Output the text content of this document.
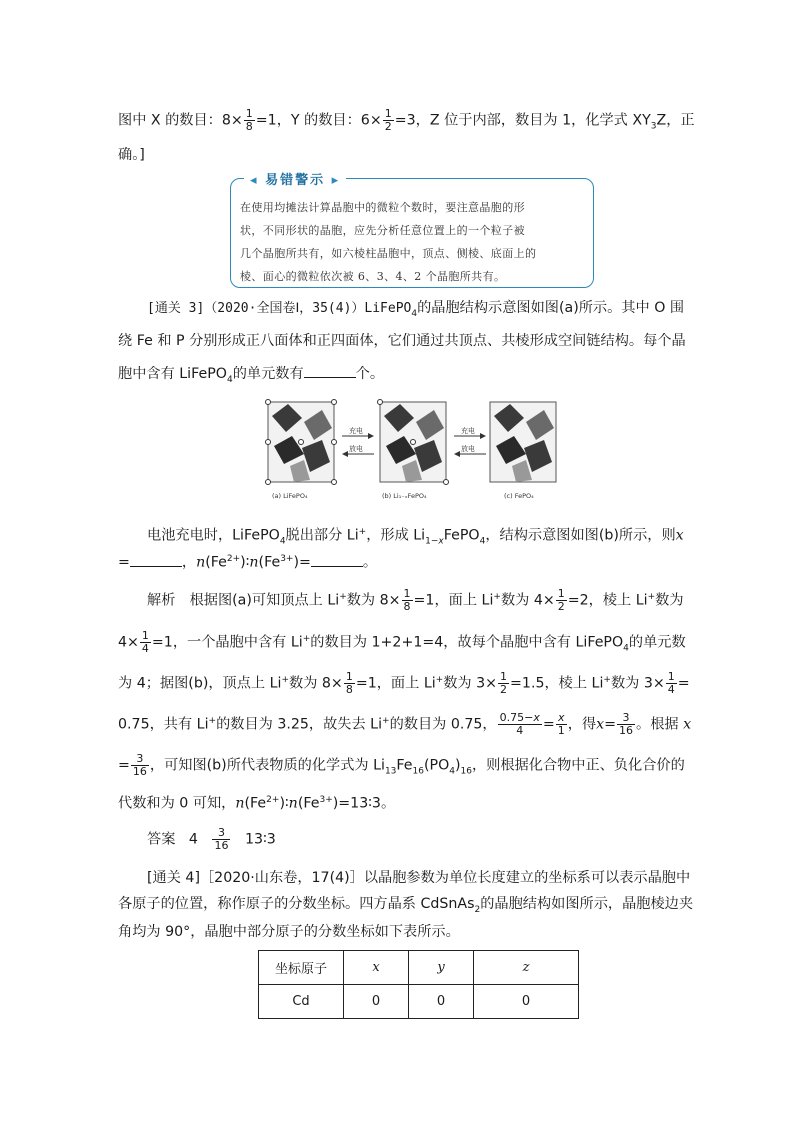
图中 X 的数目：$8\times \frac{1}{8} =1$，Y 的数目：$6\times \frac{1}{2} =3$，Z 位于内部，数目为 1，化学式 $XY_3Z$，正
确。]
◂ 易错警示 ▸
在使用均摊法计算晶胞中的微粒个数时，要注意晶胞的形
状，不同形状的晶胞，应先分析任意位置上的一个粒子被
几个晶胞所共有，如六棱柱晶胞中，顶点、侧棱、底面上的
棱、面心的微粒依次被 6、3、4、2 个晶胞所共有。
[通关 3]（2020·全国卷Ⅰ，35(4)）LiFePO$_4$的晶胞结构示意图如图(a)所示。其中 O 围
绕 Fe 和 P 分别形成正八面体和正四面体，它们通过共顶点、共棱形成空间链结构。每个晶
胞中含有 LiFePO$_4$的单元数有	个。
充电
放电
充电
放电
(a) LiFePO₄	(b) Li₁₋ₓFePO₄	(c) FePO₄
电池充电时，LiFePO$_4$脱出部分 Li+，形成 $Li_{1-x}FePO_4$，结构示意图如图(b)所示，则x
=	，$n(Fe^{2+})∶n(Fe^{3+})=$	。
解析　根据图(a)可知顶点上 Li+数为 $8\times \frac{1}{8} =1$，面上 Li+数为 $4\times \frac{1}{2} =2$，棱上 Li+数为
$4\times \frac{1}{4} =1$，一个晶胞中含有 Li+的数目为 1+2+1=4，故每个晶胞中含有 LiFePO$_4$的单元数
为 4；据图(b)，顶点上 Li+数为 $8\times \frac{1}{8} =1$，面上 Li+数为 $3\times \frac{1}{2} =1.5$，棱上 Li+数为 $3\times \frac{1}{4}$ =
0.75，共有 Li+的数目为 3.25，故失去 Li+的数目为 0.75， $\frac{0.75-x}{4} = \frac{x}{1}$ ，得$x= \frac{3}{16}$ 。根据 x
= $\frac{3}{16}$ ，可知图(b)所代表物质的化学式为 $Li_{13}Fe_{16}(PO_4)_{16}$，则根据化合物中正、负化合价的
代数和为 0 可知，$n(Fe^{2+})∶n(Fe^{3+})=13∶3$。
答案 $4 \frac{3}{16}$ 13∶3
[通关 4]［2020·山东卷，17(4)］以晶胞参数为单位长度建立的坐标系可以表示晶胞中
各原子的位置，称作原子的分数坐标。四方晶系 CdSnAs$_2$的晶胞结构如图所示，晶胞棱边夹
角均为 90°，晶胞中部分原子的分数坐标如下表所示。
坐标原子	x	y	z
Cd	0	0	0
